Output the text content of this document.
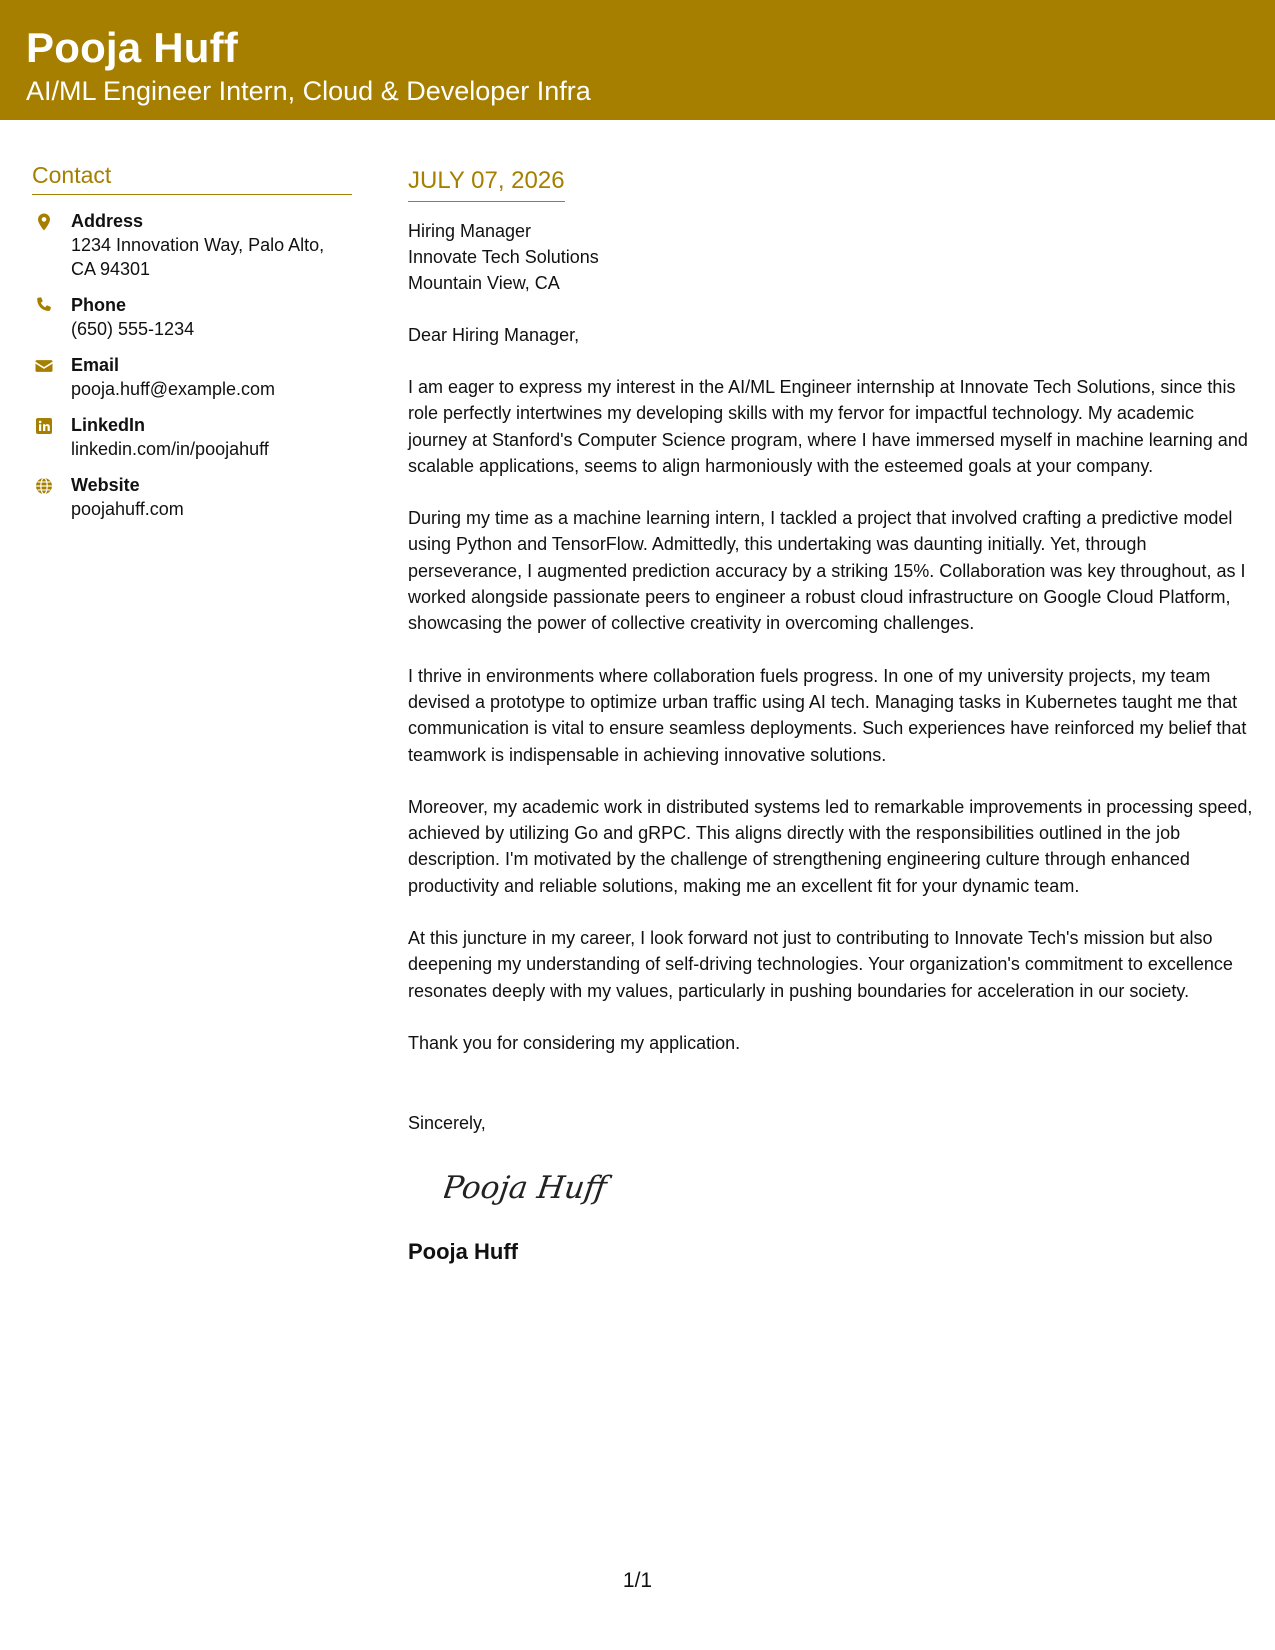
Pooja Huff
AI/ML Engineer Intern, Cloud & Developer Infra
Contact
Address
1234 Innovation Way, Palo Alto, CA 94301
Phone
(650) 555-1234
Email
pooja.huff@example.com
LinkedIn
linkedin.com/in/poojahuff
Website
poojahuff.com
JULY 07, 2026
Hiring Manager
Innovate Tech Solutions
Mountain View, CA
Dear Hiring Manager,
I am eager to express my interest in the AI/ML Engineer internship at Innovate Tech Solutions, since this role perfectly intertwines my developing skills with my fervor for impactful technology. My academic journey at Stanford's Computer Science program, where I have immersed myself in machine learning and scalable applications, seems to align harmoniously with the esteemed goals at your company.
During my time as a machine learning intern, I tackled a project that involved crafting a predictive model using Python and TensorFlow. Admittedly, this undertaking was daunting initially. Yet, through perseverance, I augmented prediction accuracy by a striking 15%. Collaboration was key throughout, as I worked alongside passionate peers to engineer a robust cloud infrastructure on Google Cloud Platform, showcasing the power of collective creativity in overcoming challenges.
I thrive in environments where collaboration fuels progress. In one of my university projects, my team devised a prototype to optimize urban traffic using AI tech. Managing tasks in Kubernetes taught me that communication is vital to ensure seamless deployments. Such experiences have reinforced my belief that teamwork is indispensable in achieving innovative solutions.
Moreover, my academic work in distributed systems led to remarkable improvements in processing speed, achieved by utilizing Go and gRPC. This aligns directly with the responsibilities outlined in the job description. I'm motivated by the challenge of strengthening engineering culture through enhanced productivity and reliable solutions, making me an excellent fit for your dynamic team.
At this juncture in my career, I look forward not just to contributing to Innovate Tech's mission but also deepening my understanding of self-driving technologies. Your organization's commitment to excellence resonates deeply with my values, particularly in pushing boundaries for acceleration in our society.
Thank you for considering my application.
Sincerely,
Pooja Huff
Pooja Huff
1/1
